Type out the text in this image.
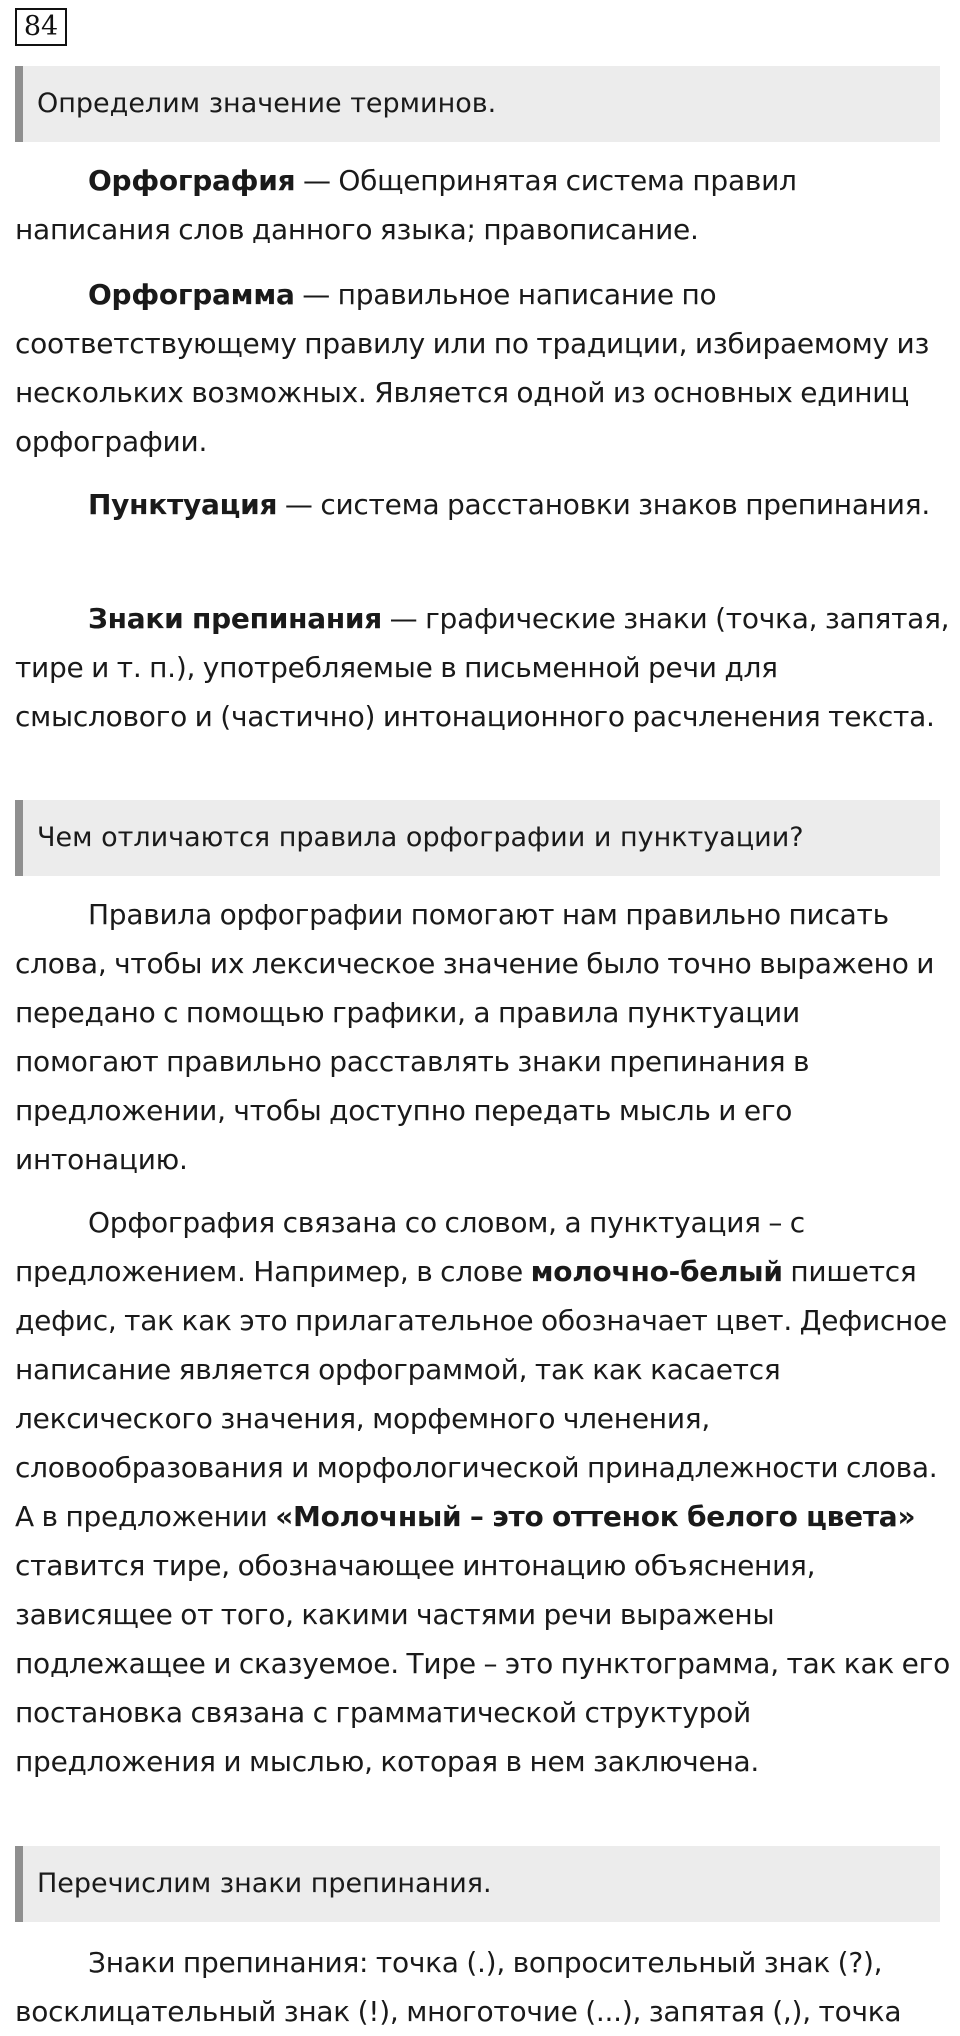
84
Определим значение терминов.

Орфография — Общепринятая система правил написания слов данного языка; правописание.

Орфограмма — правильное написание по соответствующему правилу или по традиции, избираемому из нескольких возможных. Является одной из основных единиц орфографии.

Пунктуация — система расстановки знаков препинания.

Знаки препинания — графические знаки (точка, запятая, тире и т. п.), употребляемые в письменной речи для смыслового и (частично) интонационного расчленения текста.

Чем отличаются правила орфографии и пунктуации?

Правила орфографии помогают нам правильно писать слова, чтобы их лексическое значение было точно выражено и передано с помощью графики, а правила пунктуации помогают правильно расставлять знаки препинания в предложении, чтобы доступно передать мысль и его интонацию.

Орфография связана со словом, а пунктуация – с предложением. Например, в слове молочно-белый пишется дефис, так как это прилагательное обозначает цвет. Дефисное написание является орфограммой, так как касается лексического значения, морфемного членения, словообразования и морфологической принадлежности слова. А в предложении «Молочный – это оттенок белого цвета» ставится тире, обозначающее интонацию объяснения, зависящее от того, какими частями речи выражены подлежащее и сказуемое. Тире – это пунктограмма, так как его постановка связана с грамматической структурой предложения и мыслью, которая в нем заключена.

Перечислим знаки препинания.

Знаки препинания: точка (.), вопросительный знак (?), восклицательный знак (!), многоточие (...), запятая (,), точка
